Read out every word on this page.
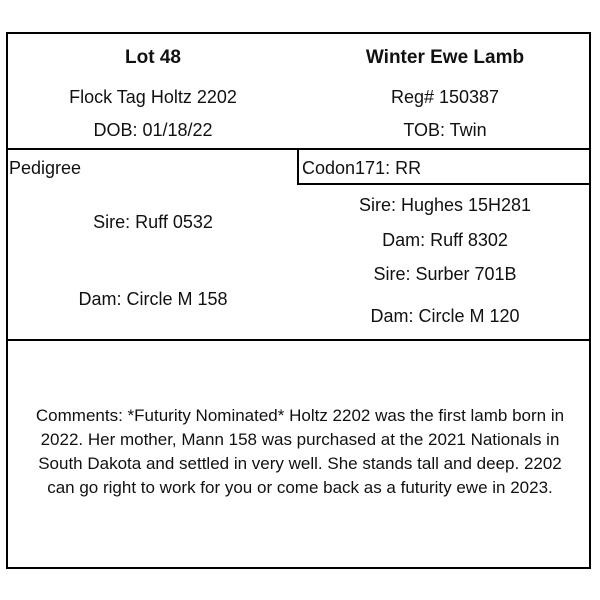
Lot 48	Winter Ewe Lamb
Flock Tag Holtz 2202	Reg# 150387
DOB: 01/18/22	TOB: Twin
Pedigree	Codon171: RR
Sire: Ruff 0532
Dam: Circle M 158
Sire: Hughes 15H281
Dam: Ruff 8302
Sire: Surber 701B
Dam: Circle M 120
Comments: *Futurity Nominated* Holtz 2202 was the first lamb born in
2022. Her mother, Mann 158 was purchased at the 2021 Nationals in
South Dakota and settled in very well. She stands tall and deep. 2202
can go right to work for you or come back as a futurity ewe in 2023.
